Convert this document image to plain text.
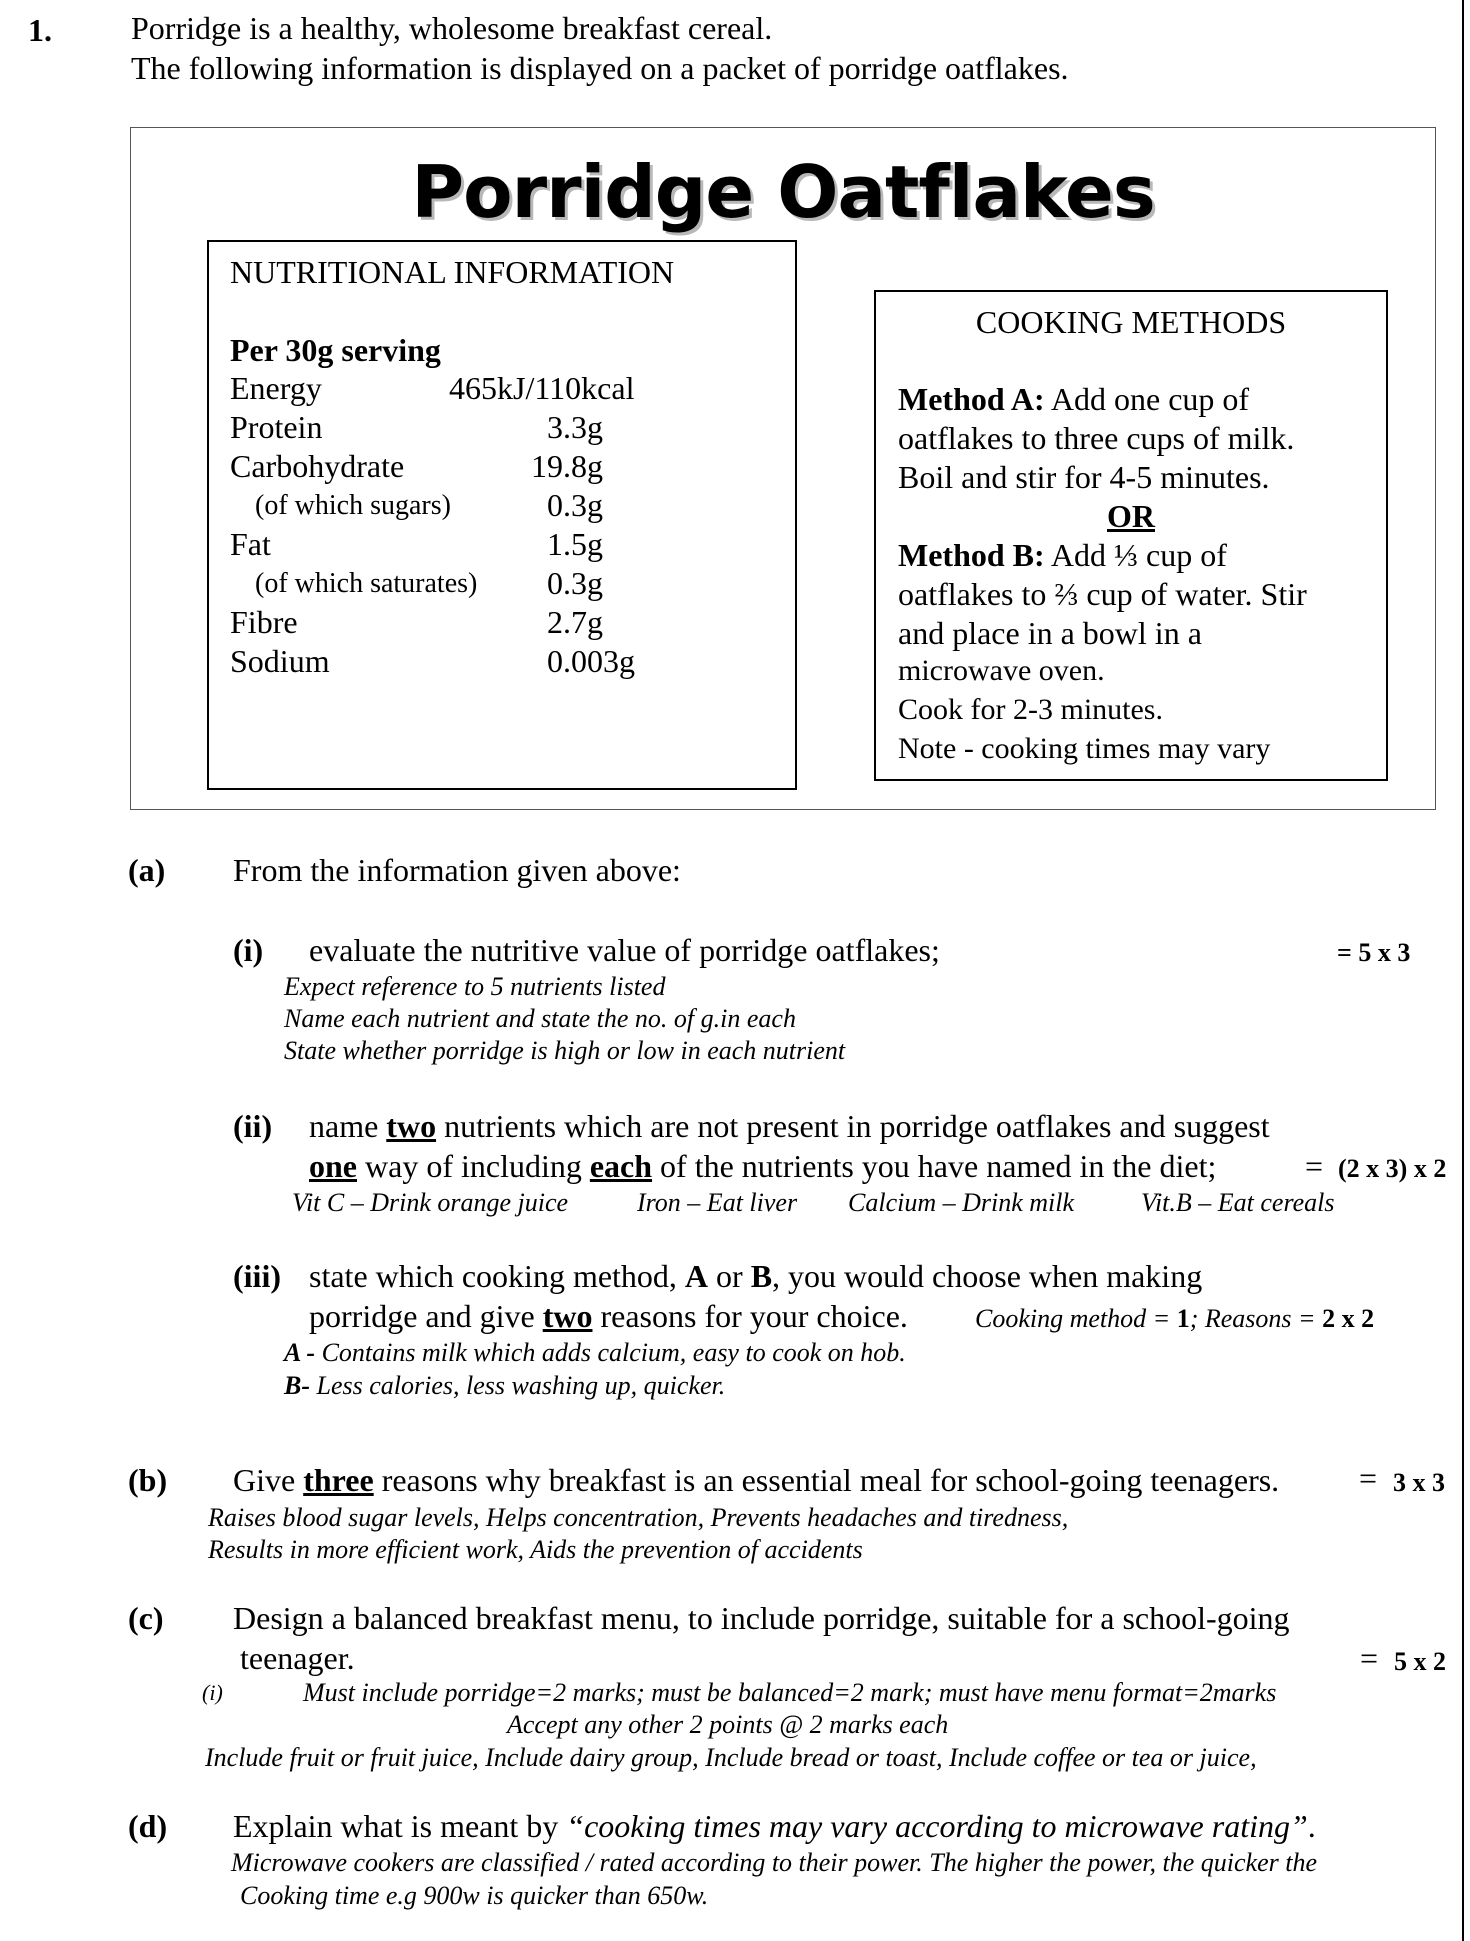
1. Porridge is a healthy, wholesome breakfast cereal.
The following information is displayed on a packet of porridge oatflakes.
Porridge Oatflakes
NUTRITIONAL INFORMATION
Per 30g serving
Energy	465kJ/110kcal
Protein	3.3g
Carbohydrate	19.8g
(of which sugars)	0.3g
Fat	1.5g
(of which saturates) 0.3g
Fibre	2.7g
Sodium	0.003g
COOKING METHODS
Method A: Add one cup of
oatflakes to three cups of milk.
Boil and stir for 4-5 minutes.
OR
Method B: Add ⅓ cup of
oatflakes to ⅔ cup of water. Stir
and place in a bowl in a
microwave oven.
Cook for 2-3 minutes.
Note - cooking times may vary
(a) From the information given above:
(i) evaluate the nutritive value of porridge oatflakes;	= 5 x 3
Expect reference to 5 nutrients listed
Name each nutrient and state the no. of g.in each
State whether porridge is high or low in each nutrient
(ii) name two nutrients which are not present in porridge oatflakes and suggest
one way of including each of the nutrients you have named in the diet;	= (2 x 3) x 2
Vit C – Drink orange juice	Iron – Eat liver Calcium – Drink milk	Vit.B – Eat cereals
(iii) state which cooking method, A or B, you would choose when making
porridge and give two reasons for your choice.	Cooking method = 1; Reasons = 2 x 2
A - Contains milk which adds calcium, easy to cook on hob.
B- Less calories, less washing up, quicker.
(b) Give three reasons why breakfast is an essential meal for school-going teenagers. = 3 x 3
Raises blood sugar levels, Helps concentration, Prevents headaches and tiredness,
Results in more efficient work, Aids the prevention of accidents
(c) Design a balanced breakfast menu, to include porridge, suitable for a school-going
teenager.	= 5 x 2
(i)	Must include porridge=2 marks; must be balanced=2 mark; must have menu format=2marks
Accept any other 2 points @ 2 marks each
Include fruit or fruit juice, Include dairy group, Include bread or toast, Include coffee or tea or juice,
(d) Explain what is meant by “cooking times may vary according to microwave rating”.
Microwave cookers are classified / rated according to their power. The higher the power, the quicker the
Cooking time e.g 900w is quicker than 650w.
